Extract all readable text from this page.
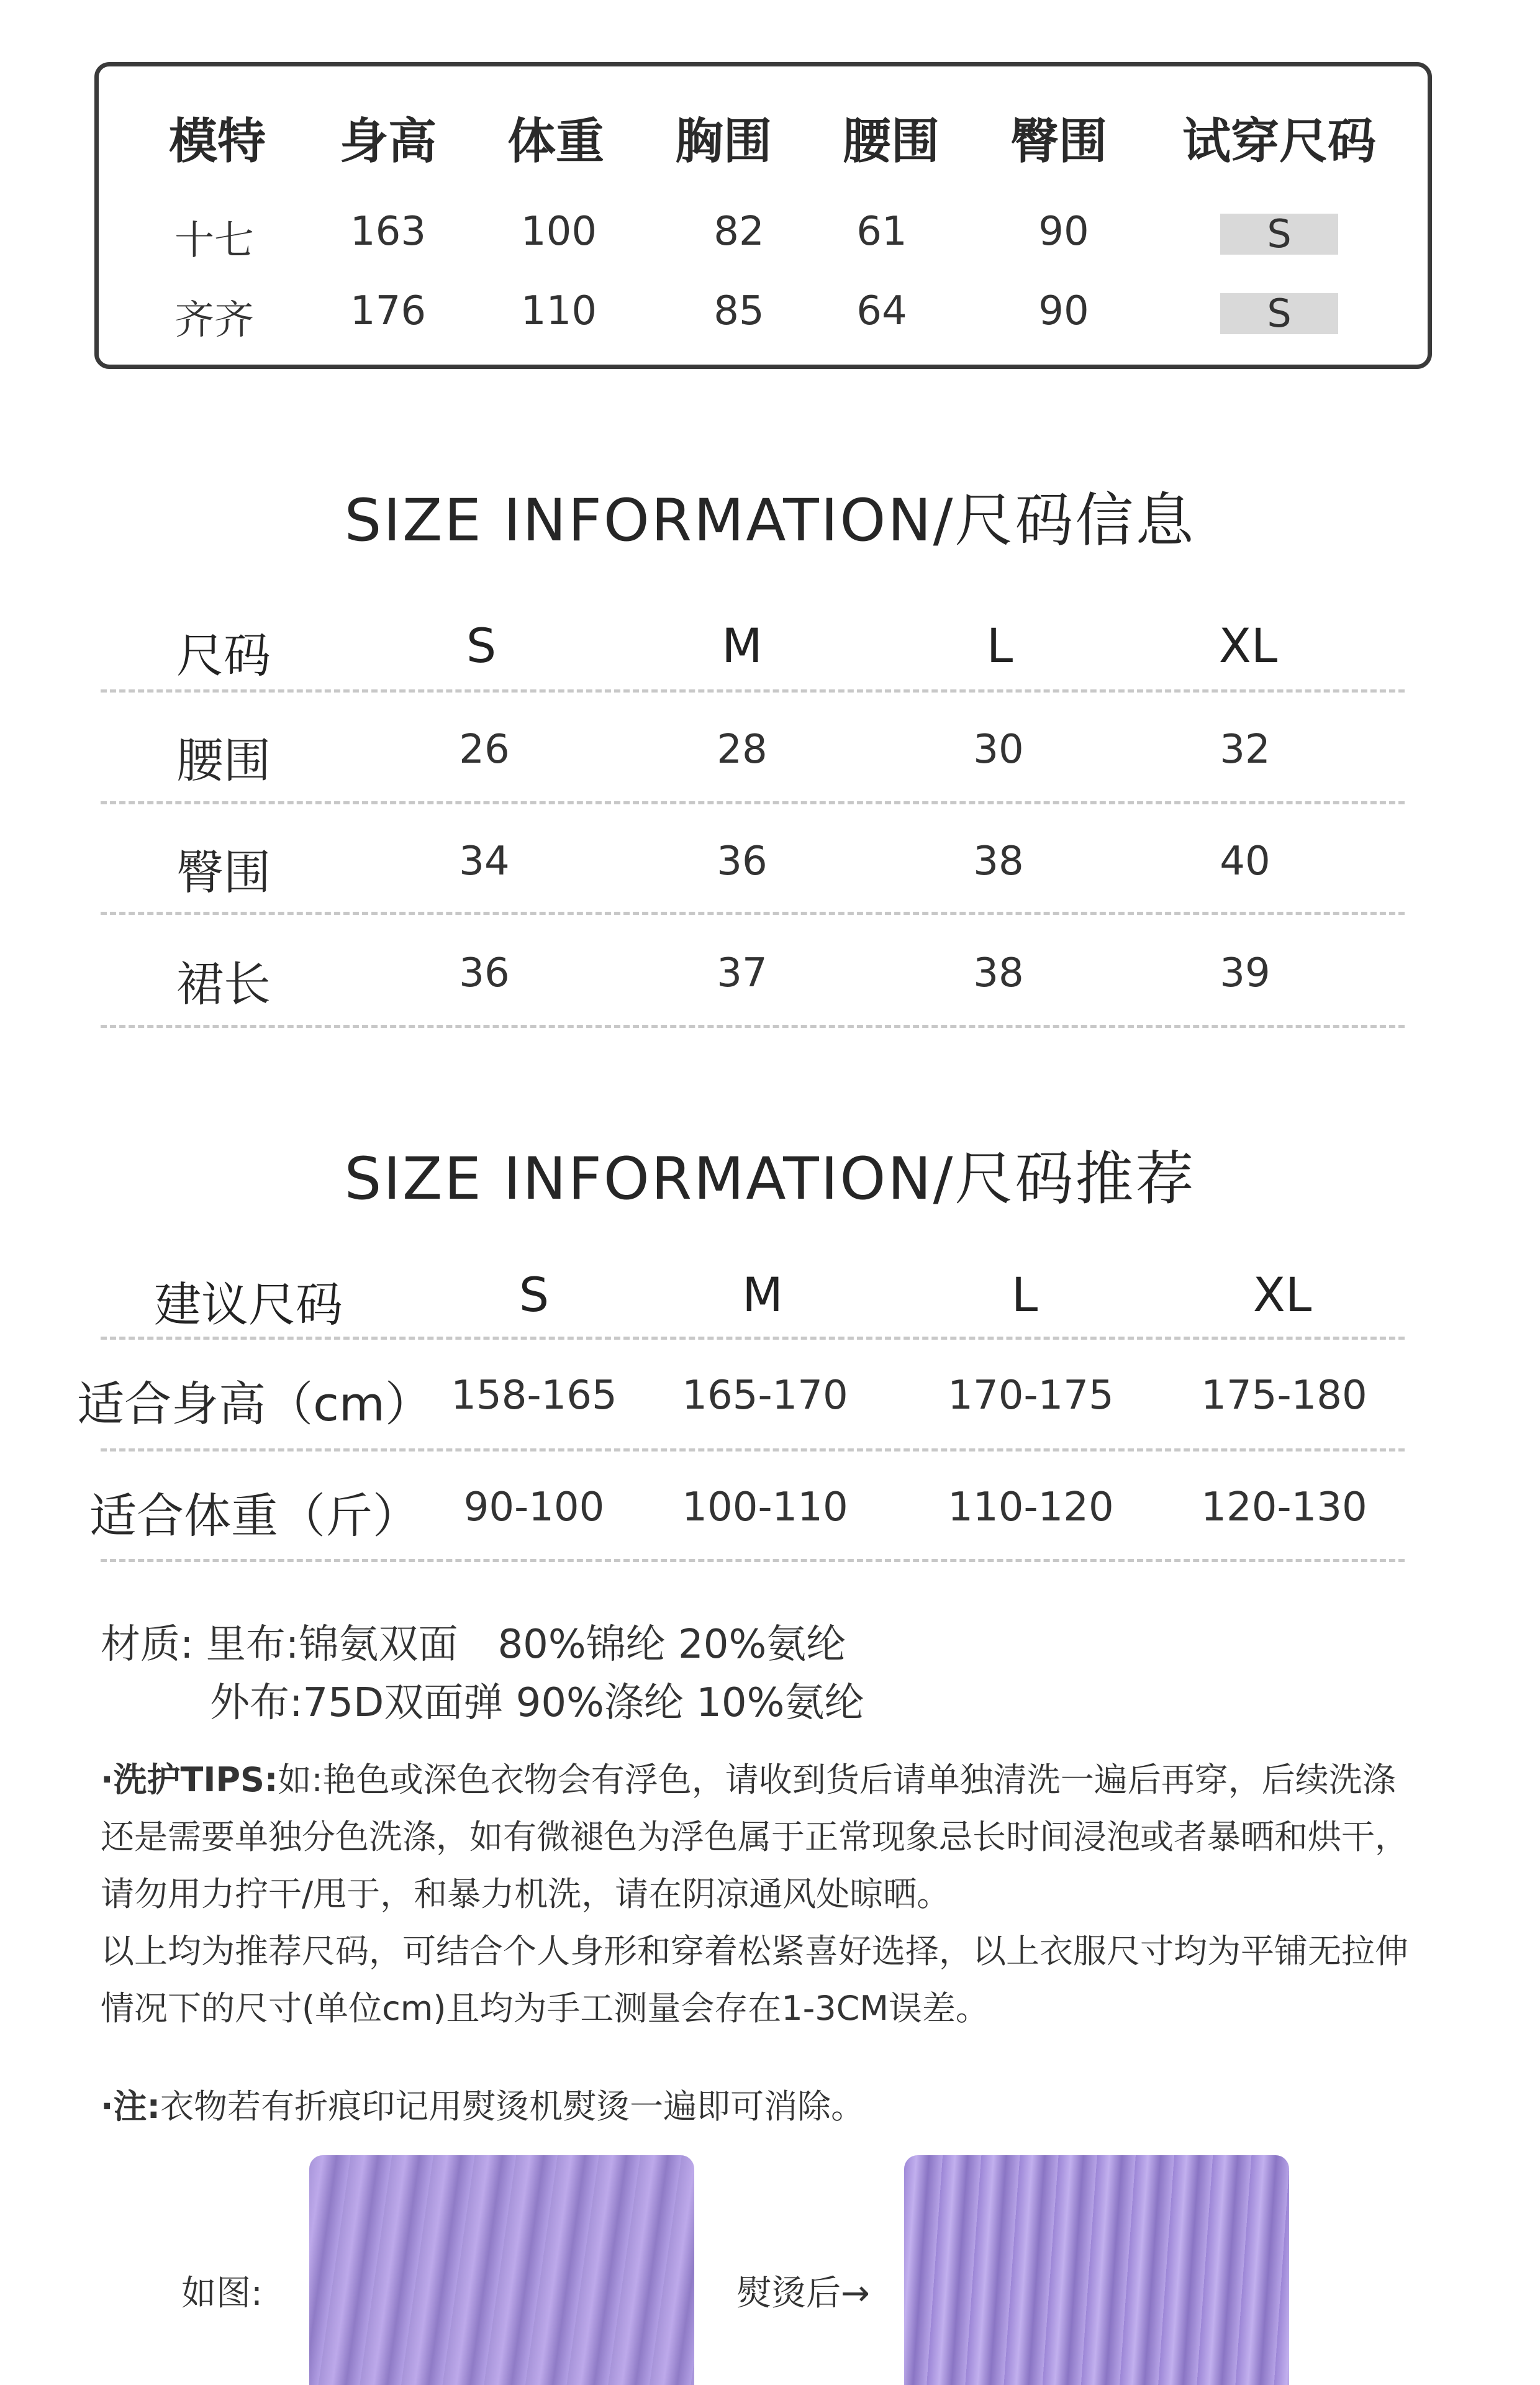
模特 身高 体重 胸围 腰围 臀围 试穿尺码
十七 163 100	82 61	90	S
齐齐 176 110	85 64	90	S
SIZE INFORMATION/尺码信息
尺码	S	M	L	XL
腰围	26	28	30	32
臀围	34	36	38	40
裙长	36	37	38	39
SIZE INFORMATION/尺码推荐
建议尺码	S	M	L	XL
适合身高（cm） 158-165 165-170	170-175 175-180
适合体重（斤） 90-100 100-110	110-120 120-130
材质: 里布:锦氨双面　80%锦纶 20%氨纶
外布:75D双面弹 90%涤纶 10%氨纶
·洗护TIPS:如:艳色或深色衣物会有浮色，请收到货后请单独清洗一遍后再穿，后续洗涤还是需要单独分色洗涤，如有微褪色为浮色属于正常现象忌长时间浸泡或者暴晒和烘干，请勿用力拧干/甩于，和暴力机洗，请在阴凉通风处晾晒。
以上均为推荐尺码，可结合个人身形和穿着松紧喜好选择，以上衣服尺寸均为平铺无拉伸情况下的尺寸(单位cm)且均为手工测量会存在1-3CM误差。
·注:衣物若有折痕印记用熨烫机熨烫一遍即可消除。
如图:	熨烫后→
